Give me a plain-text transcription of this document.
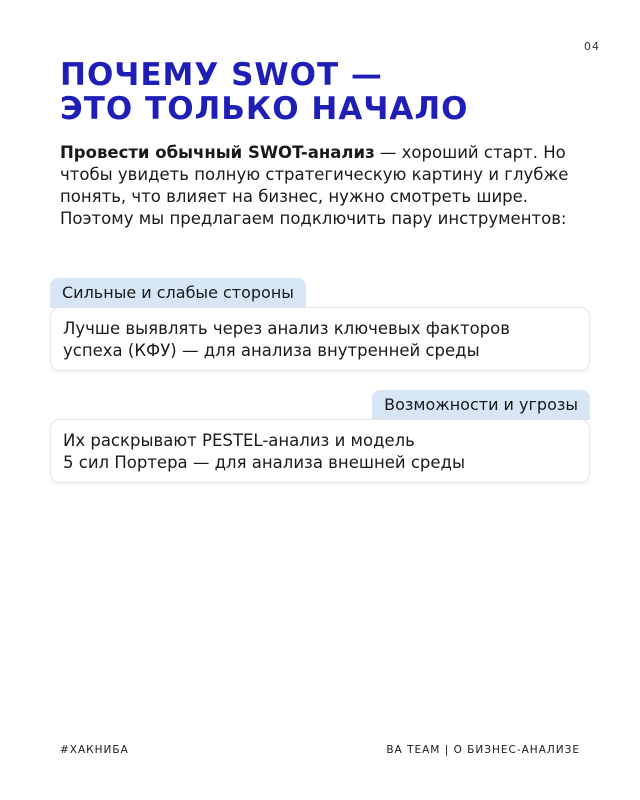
04
ПОЧЕМУ SWOT —
ЭТО ТОЛЬКО НАЧАЛО

Провести обычный SWOT-анализ — хороший старт. Но чтобы увидеть полную стратегическую картину и глубже понять, что влияет на бизнес, нужно смотреть шире. Поэтому мы предлагаем подключить пару инструментов:

Сильные и слабые стороны
Лучше выявлять через анализ ключевых факторов
успеха (КФУ) — для анализа внутренней среды
Возможности и угрозы
Их раскрывают PESTEL-анализ и модель
5 сил Портера — для анализа внешней среды
#ХАКНИБА	BA TEAM | О БИЗНЕС-АНАЛИЗЕ
